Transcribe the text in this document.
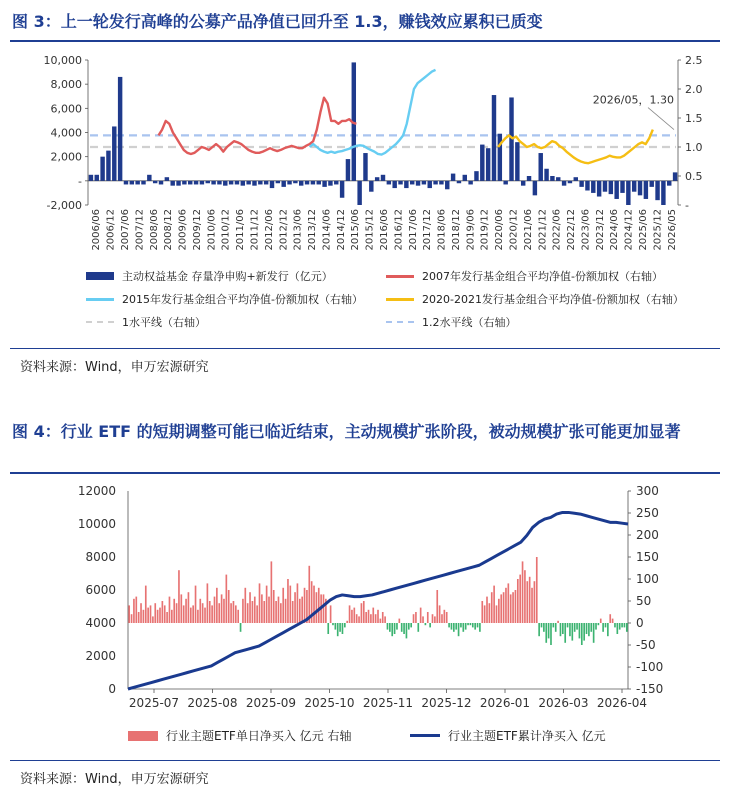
图 3：上一轮发行高峰的公募产品净值已回升至 1.3，赚钱效应累积已质变
-2,000
-
2,000
4,000
6,000
8,000
10,000
-
0.5
1.0
1.5
2.0
2.5
2006/06 2006/12 2007/06 2007/12 2008/06 2008/12 2009/06 2009/12 2010/06 2010/12 2011/06 2011/12 2012/06 2012/12 2013/06 2013/12 2014/06 2014/12 2015/06 2015/12 2016/06 2016/12 2017/06 2017/12 2018/06 2018/12 2019/06 2019/12 2020/06 2020/12 2021/06 2021/12 2022/06 2022/12 2023/06 2023/12 2024/06 2024/12 2025/06 2025/12 2026/05
2026/05，1.30
主动权益基金 存量净申购+新发行（亿元）	2007年发行基金组合平均净值-份额加权（右轴）
2015年发行基金组合平均净值-份额加权（右轴）	2020-2021发行基金组合平均净值-份额加权（右轴）
1水平线（右轴）	1.2水平线（右轴）
资料来源：Wind，申万宏源研究
图 4：行业 ETF 的短期调整可能已临近结束，主动规模扩张阶段，被动规模扩张可能更加显著
0
2000
4000
6000
8000
10000
12000
-150
-100
-50
0
50
100
150
200
250
300
2025-07 2025-08 2025-09 2025-10 2025-11 2025-12 2026-01 2026-03 2026-04
行业主题ETF单日净买入 亿元 右轴	行业主题ETF累计净买入 亿元
资料来源：Wind，申万宏源研究
